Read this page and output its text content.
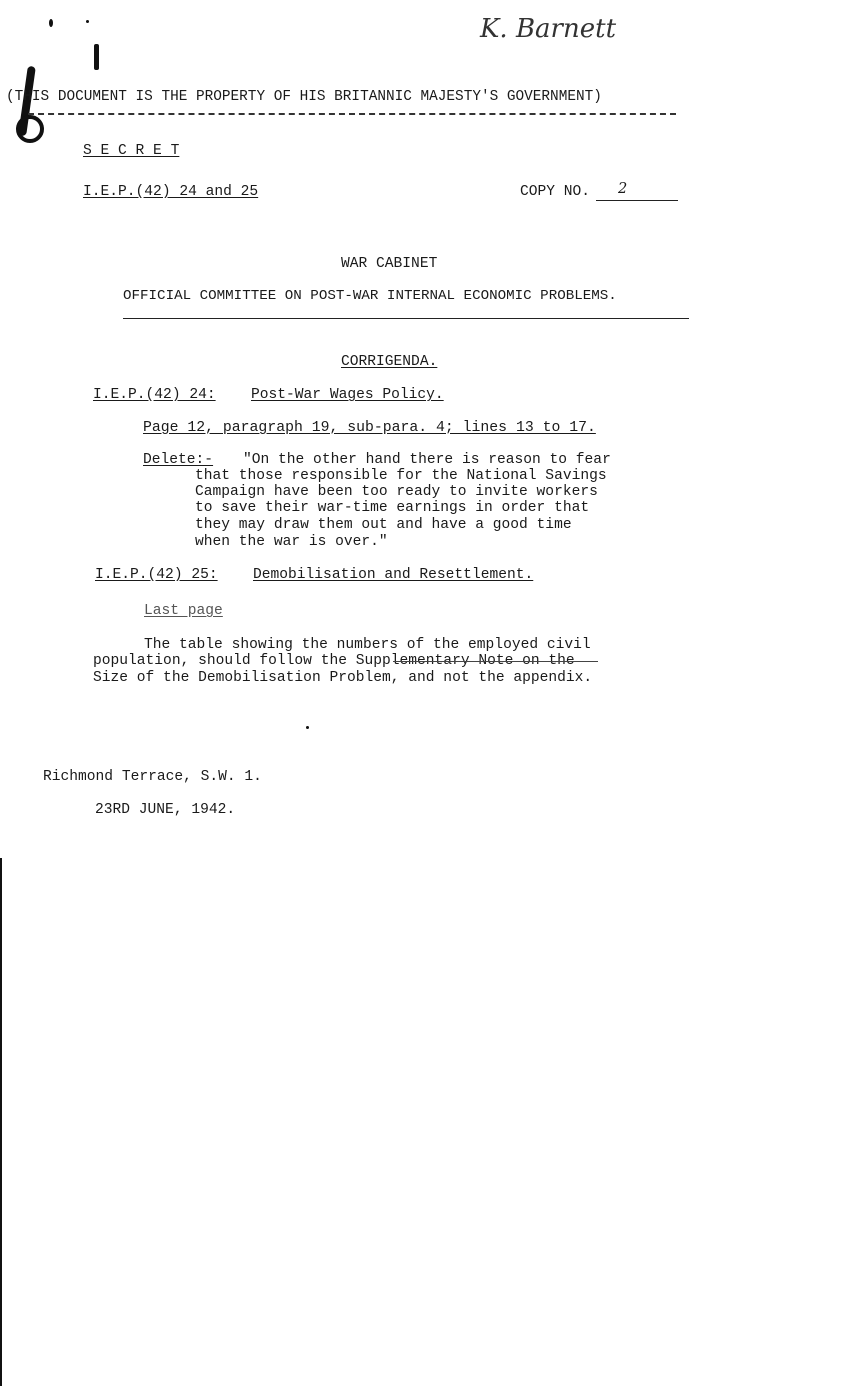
K. Barnett
(THIS DOCUMENT IS THE PROPERTY OF HIS BRITANNIC MAJESTY'S GOVERNMENT)
S E C R E T
I.E.P.(42) 24 and 25	COPY NO. 2
WAR CABINET
OFFICIAL COMMITTEE ON POST-WAR INTERNAL ECONOMIC PROBLEMS.
CORRIGENDA.
I.E.P.(42) 24: Post-War Wages Policy.
Page 12, paragraph 19, sub-para. 4; lines 13 to 17.
Delete:- "On the other hand there is reason to fear
that those responsible for the National Savings
Campaign have been too ready to invite workers
to save their war-time earnings in order that
they may draw them out and have a good time
when the war is over."
I.E.P.(42) 25: Demobilisation and Resettlement.
Last page
The table showing the numbers of the employed civil
population, should follow the Supplementary Note on the
Size of the Demobilisation Problem, and not the appendix.
Richmond Terrace, S.W. 1.
23RD JUNE, 1942.
